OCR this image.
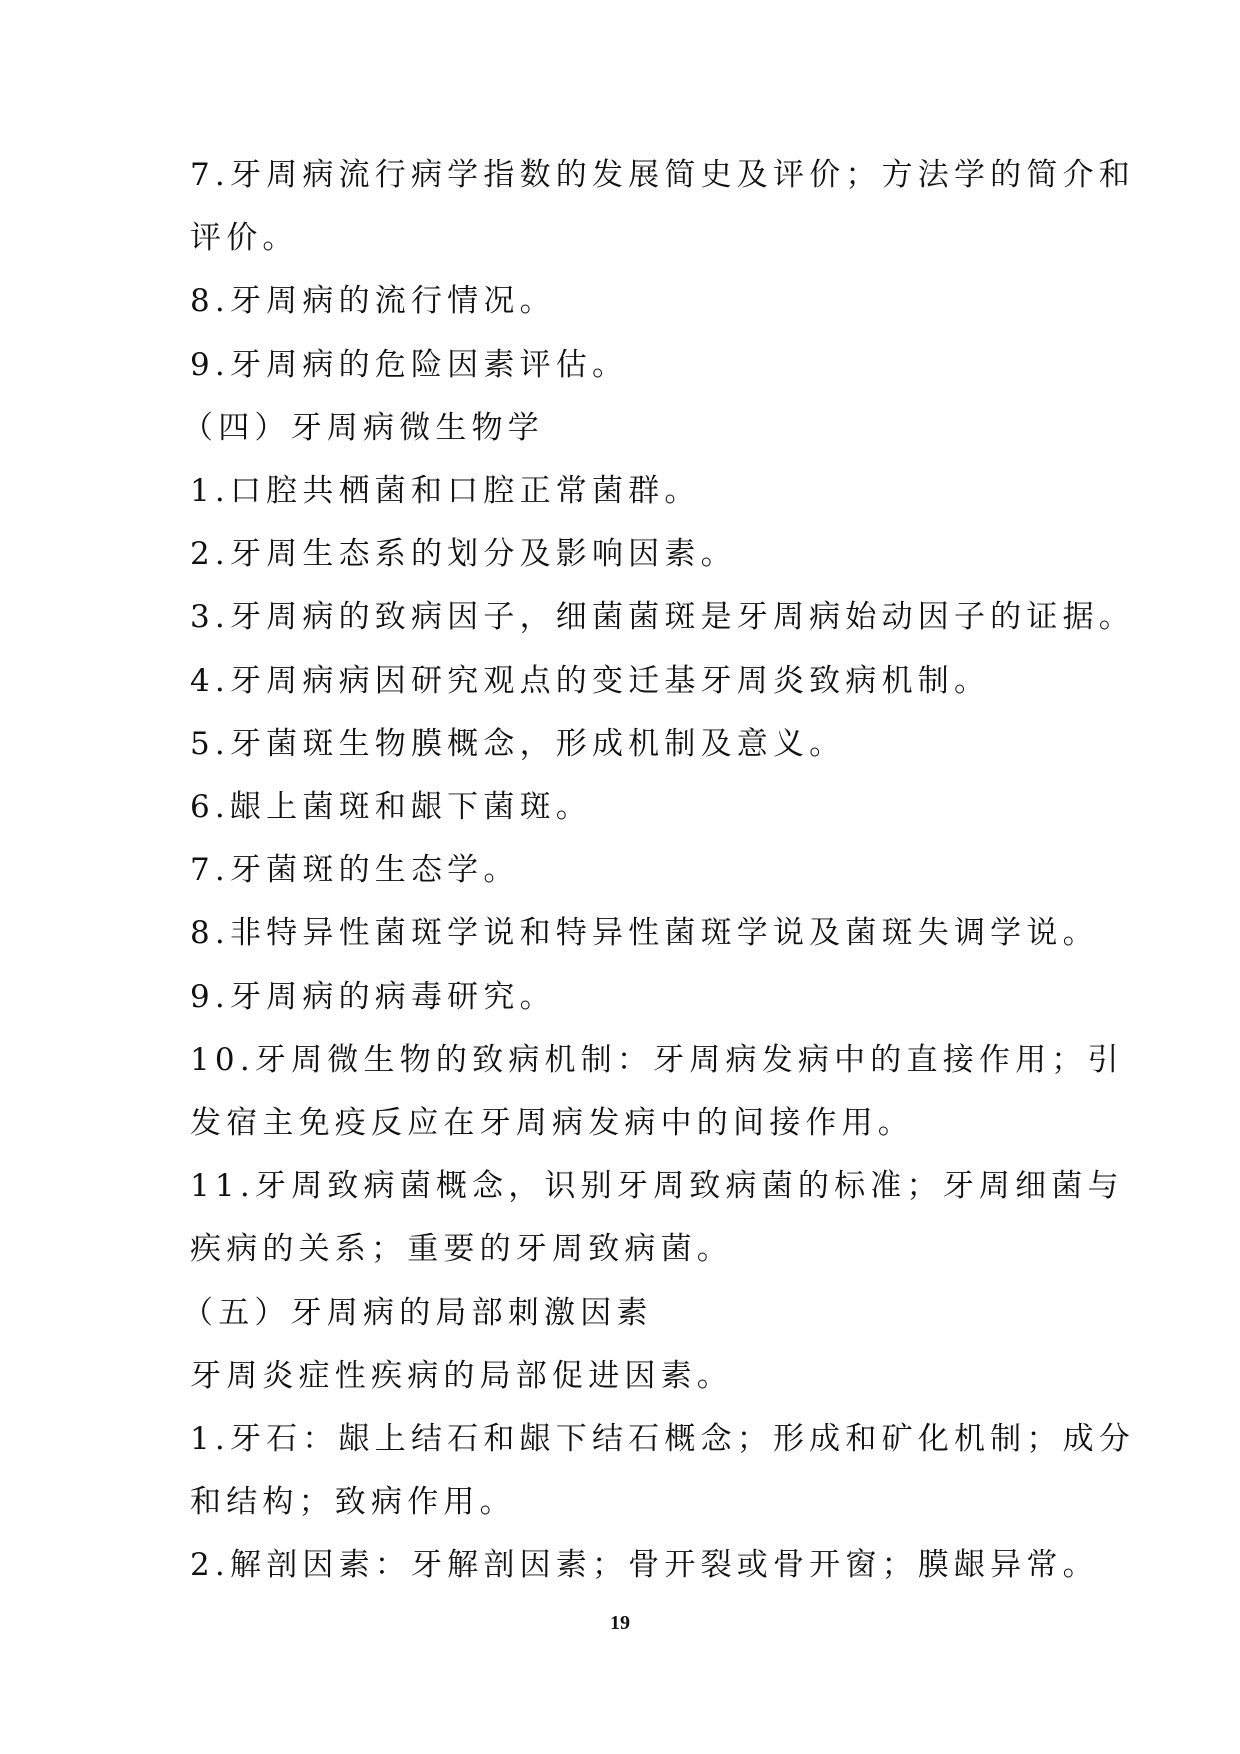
7.牙周病流行病学指数的发展简史及评价；方法学的简介和
评价。
8.牙周病的流行情况。
9.牙周病的危险因素评估。
（四）牙周病微生物学
1.口腔共栖菌和口腔正常菌群。
2.牙周生态系的划分及影响因素。
3.牙周病的致病因子，细菌菌斑是牙周病始动因子的证据。
4.牙周病病因研究观点的变迁基牙周炎致病机制。
5.牙菌斑生物膜概念，形成机制及意义。
6.龈上菌斑和龈下菌斑。
7.牙菌斑的生态学。
8.非特异性菌斑学说和特异性菌斑学说及菌斑失调学说。
9.牙周病的病毒研究。
10.牙周微生物的致病机制：牙周病发病中的直接作用；引
发宿主免疫反应在牙周病发病中的间接作用。
11.牙周致病菌概念，识别牙周致病菌的标准；牙周细菌与
疾病的关系；重要的牙周致病菌。
（五）牙周病的局部刺激因素
牙周炎症性疾病的局部促进因素。
1.牙石：龈上结石和龈下结石概念；形成和矿化机制；成分
和结构；致病作用。
2.解剖因素：牙解剖因素；骨开裂或骨开窗；膜龈异常。
19
